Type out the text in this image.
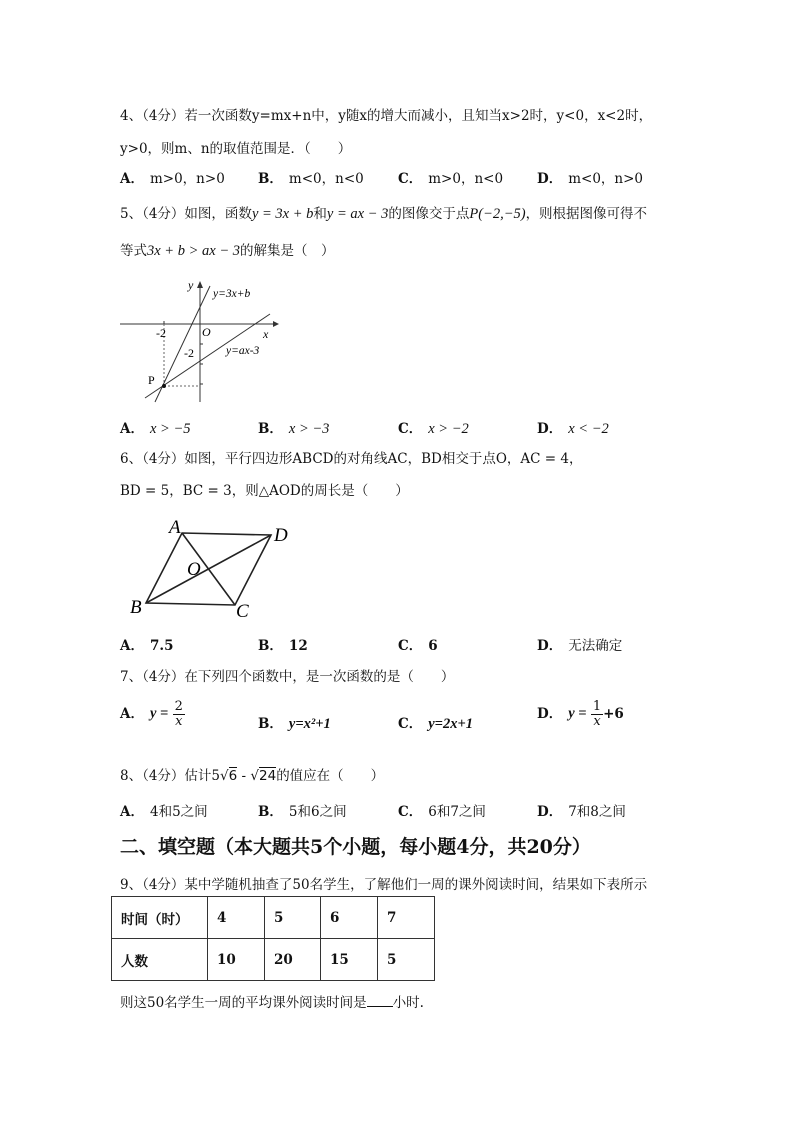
4、（4分）若一次函数y=mx+n中，y随x的增大而减小，且知当x>2时，y<0，x<2时，
y>0，则m、n的取值范围是．（　　）
A． m>0，n>0 B． m<0，n<0	C． m>0，n<0	D． m<0，n>0
5、（4分）如图，函数y = 3x + b和y = ax − 3的图像交于点P(−2,−5)，则根据图像可得不
等式3x + b > ax − 3的解集是（　）
y
x
O
-2
-2
y=3x+b
y=ax-3
P
A． x > −5	B． x > −3	C． x > −2	D． x < −2
6、（4分）如图，平行四边形ABCD的对角线AC，BD相交于点O，AC = 4，
BD = 5，BC = 3，则△AOD的周长是（　　）
A	D
B	C
O
A． 7.5	B． 12	C． 6	D． 无法确定
7、（4分）在下列四个函数中，是一次函数的是（　　）
A． $y = \frac{2}{x}$	B． y=x²+1	C． y=2x+1
D． $y = \frac{1}{x} +6$
8、（4分）估计5√6 - √24的值应在（　　）
A． 4和5之间	B． 5和6之间	C． 6和7之间	D． 7和8之间
二、填空题（本大题共5个小题，每小题4分，共20分）
9、（4分）某中学随机抽查了50名学生，了解他们一周的课外阅读时间，结果如下表所示
时间（时）	4	5	6	7
人数	10	20	15	5
则这50名学生一周的平均课外阅读时间是 小时.
